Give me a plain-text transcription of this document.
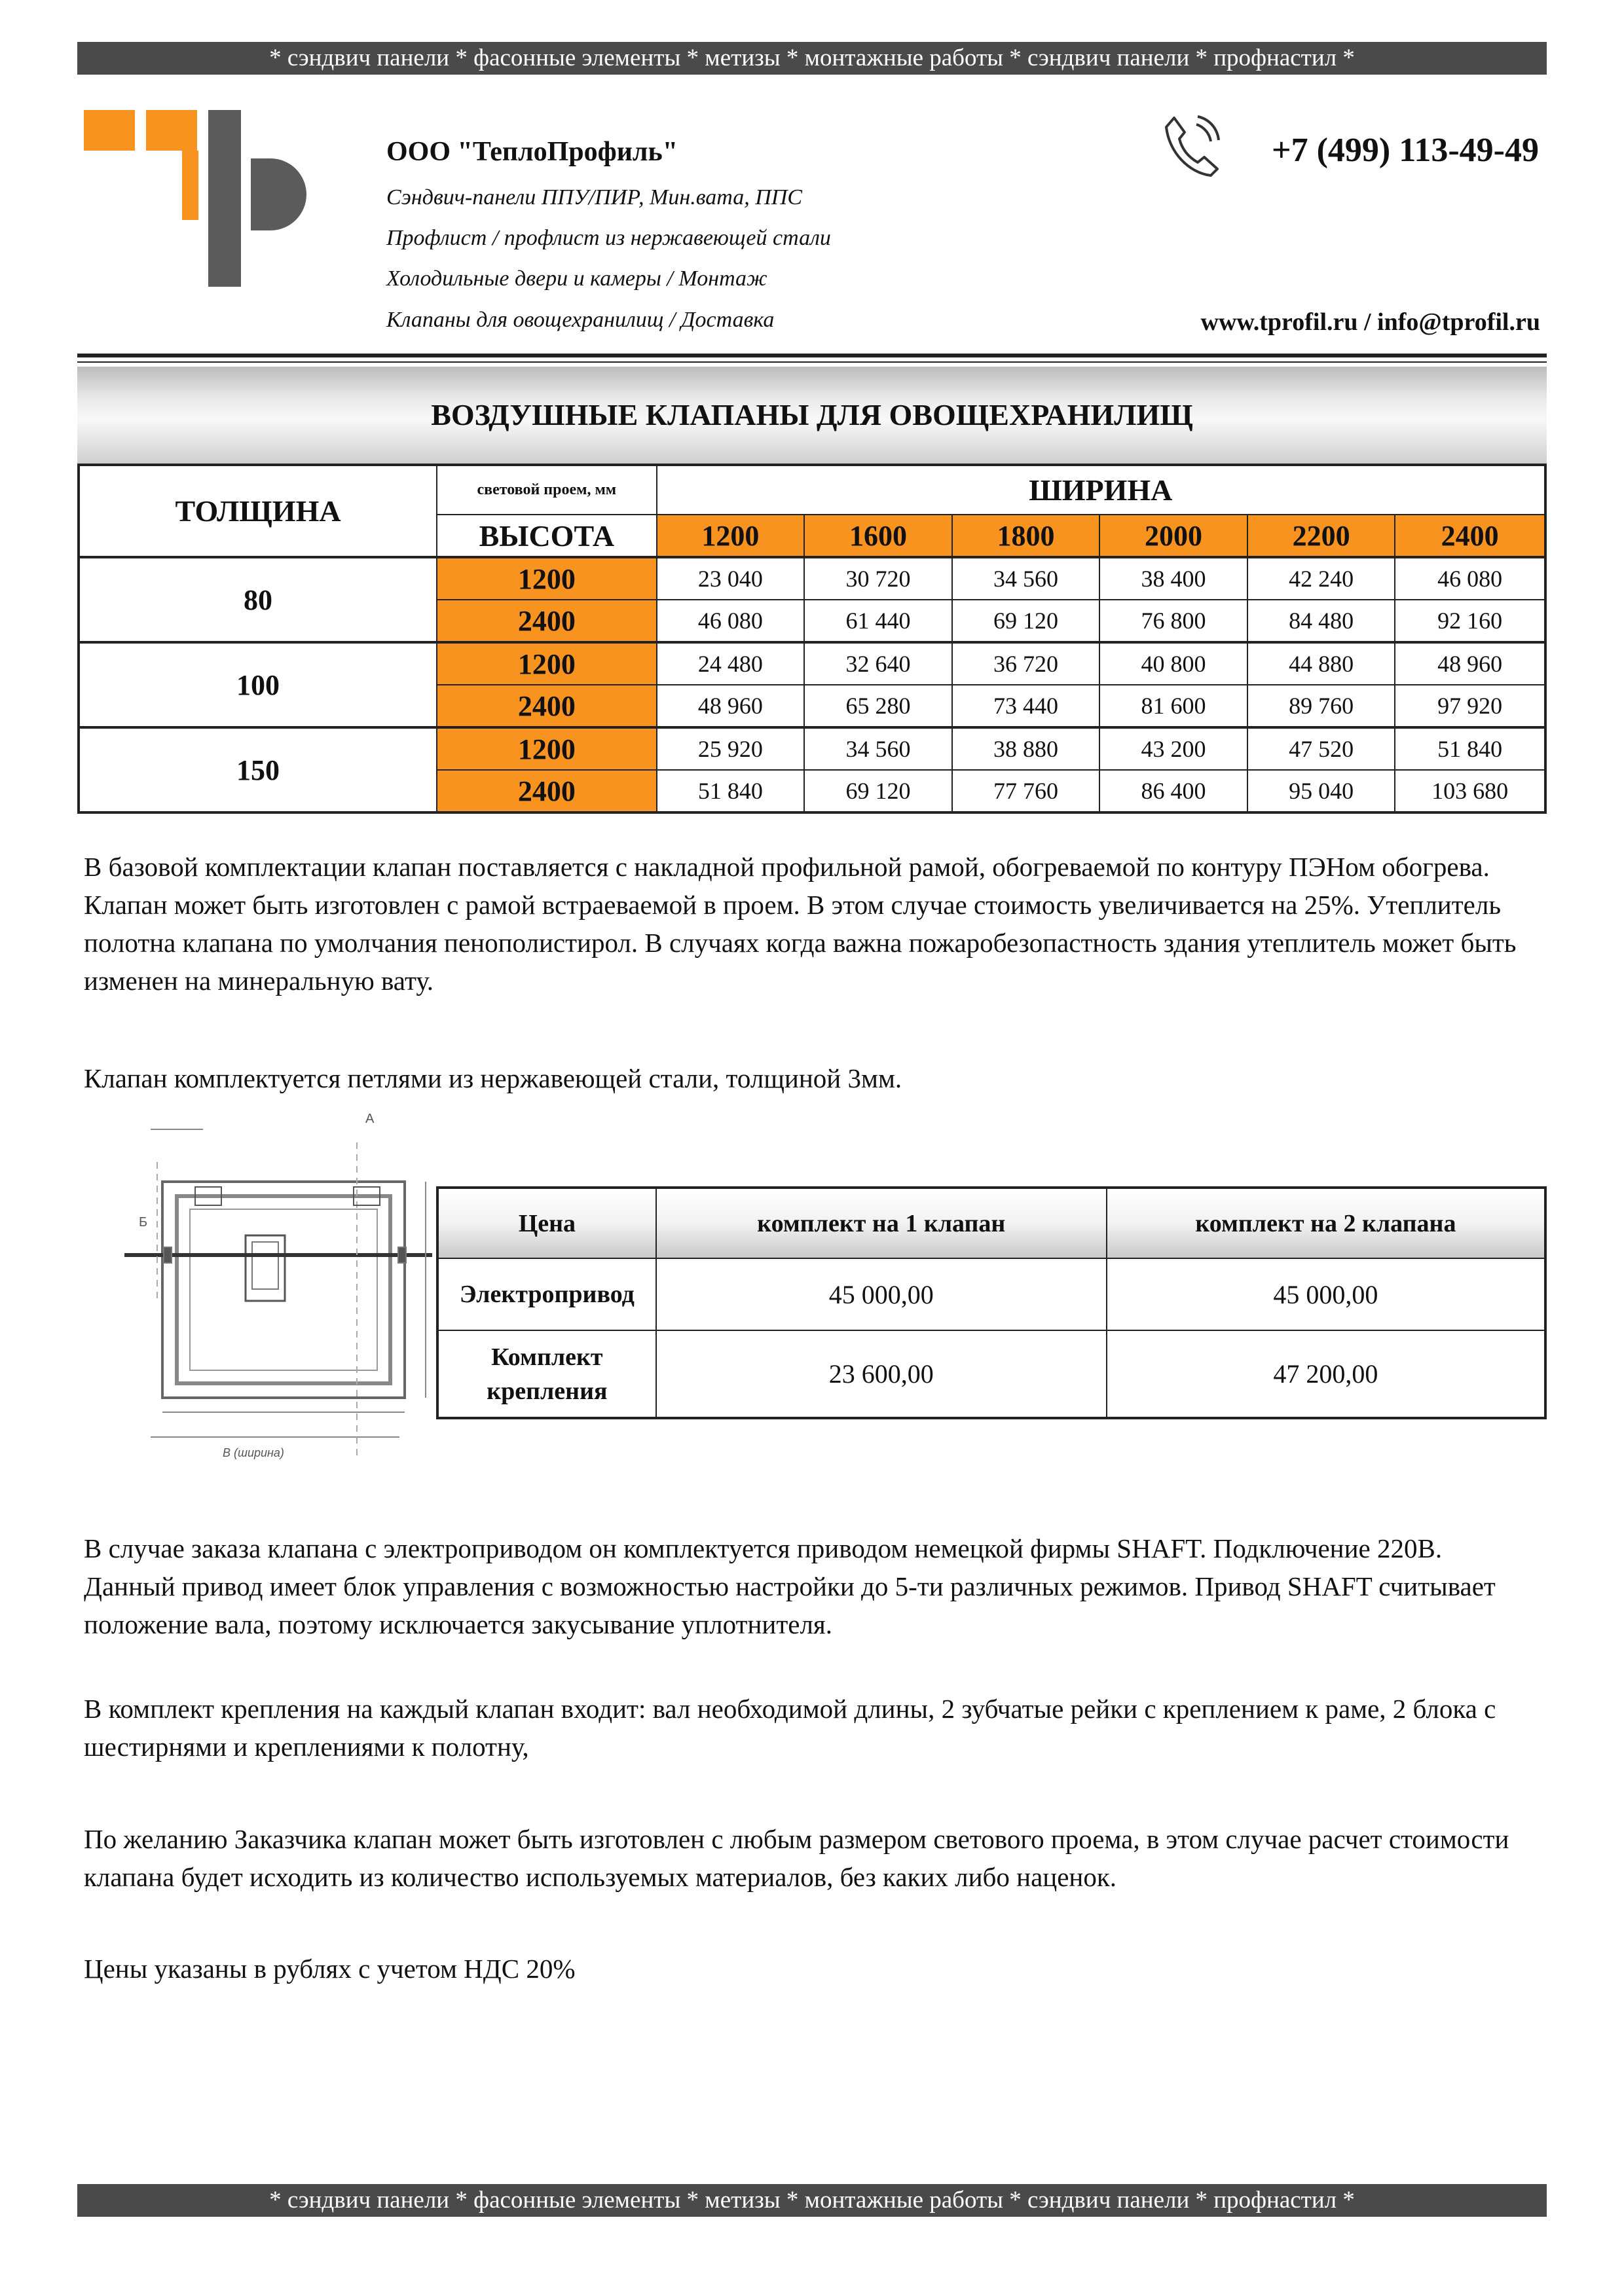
* сэндвич панели * фасонные элементы * метизы * монтажные работы * сэндвич панели * профнастил *
ООО "ТеплоПрофиль"
Сэндвич-панели ППУ/ПИР, Мин.вата, ППС
Профлист / профлист из нержавеющей стали
Холодильные двери и камеры / Монтаж
Клапаны для овощехранилищ / Доставка
+7 (499) 113-49-49
www.tprofil.ru / info@tprofil.ru
ВОЗДУШНЫЕ КЛАПАНЫ ДЛЯ ОВОЩЕХРАНИЛИЩ
ТОЛЩИНА	световой проем, мм	ШИРИНА					
	ВЫСОТА	1200	1600	1800	2000	2200	2400
80	1200	23 040	30 720	34 560	38 400	42 240	46 080
	2400	46 080	61 440	69 120	76 800	84 480	92 160
100	1200	24 480	32 640	36 720	40 800	44 880	48 960
	2400	48 960	65 280	73 440	81 600	89 760	97 920
150	1200	25 920	34 560	38 880	43 200	47 520	51 840
	2400	51 840	69 120	77 760	86 400	95 040	103 680
В базовой комплектации клапан поставляется с накладной профильной рамой, обогреваемой по контуру ПЭНом обогрева. Клапан может быть изготовлен с рамой встраеваемой в проем. В этом случае стоимость увеличивается на 25%. Утеплитель полотна клапана по умолчания пенополистирол. В случаях когда важна пожаробезопастность здания утеплитель может быть изменен на минеральную вату.
Клапан комплектуется петлями из нержавеющей стали, толщиной 3мм.
А
Б
В (ширина)
Цена	комплект на 1 клапан	комплект на 2 клапана
Электропривод	45 000,00	45 000,00
Комплект крепления	23 600,00	47 200,00
В случае заказа клапана с электроприводом он комплектуется приводом немецкой фирмы SHAFT. Подключение 220В. Данный привод имеет блок управления с возможностью настройки до 5-ти различных режимов. Привод SHAFT считывает положение вала, поэтому исключается закусывание уплотнителя.
В комплект крепления на каждый клапан входит: вал необходимой длины, 2 зубчатые рейки с креплением к раме, 2 блока с шестирнями и креплениями к полотну,
По желанию Заказчика клапан может быть изготовлен с любым размером светового проема, в этом случае расчет стоимости клапана будет исходить из количество используемых материалов, без каких либо наценок.
Цены указаны в рублях с учетом НДС 20%
* сэндвич панели * фасонные элементы * метизы * монтажные работы * сэндвич панели * профнастил *
